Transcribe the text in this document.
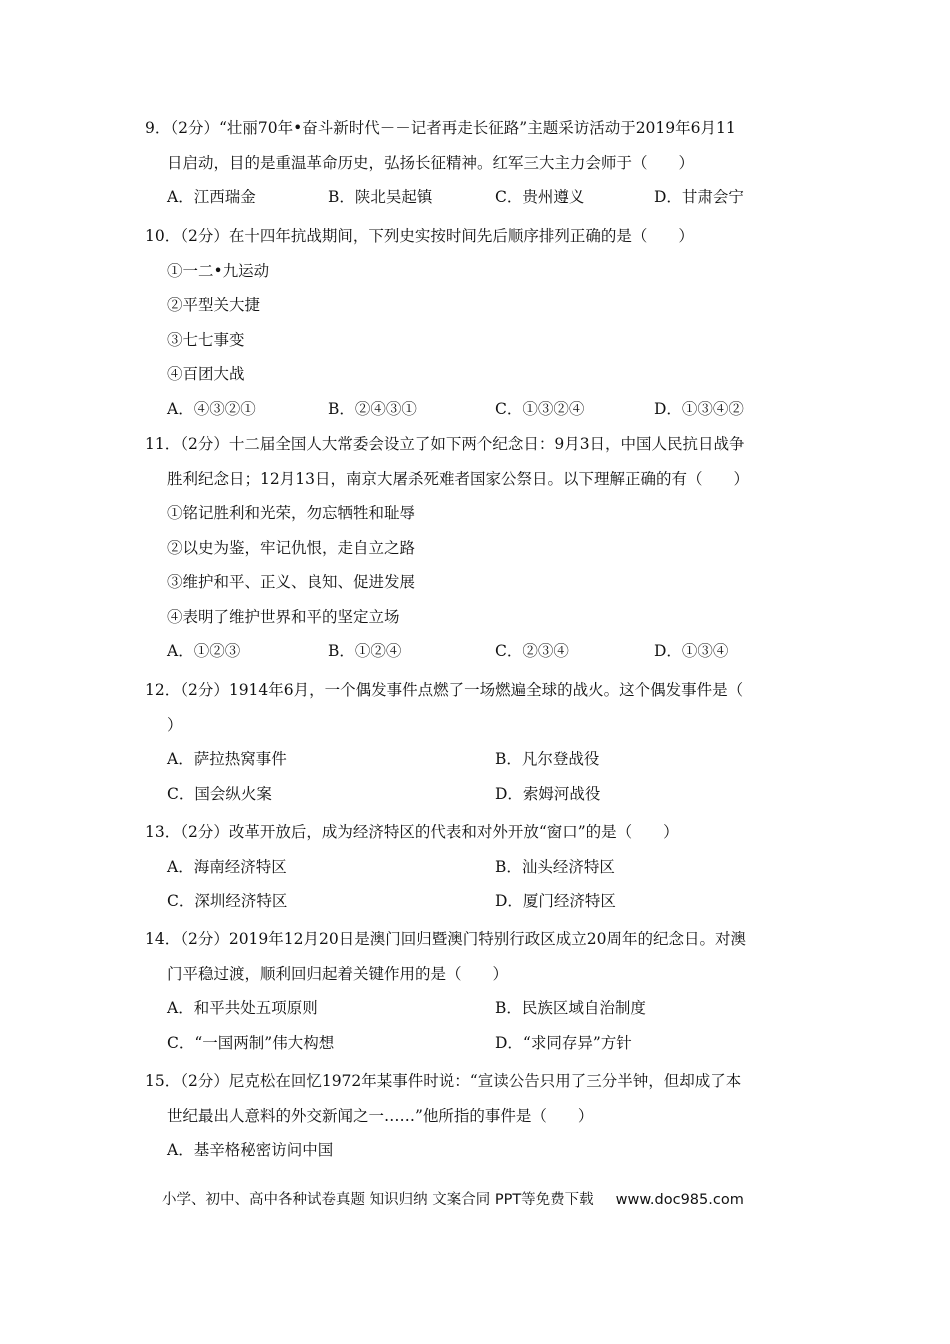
9．（2分）“壮丽70年•奋斗新时代－－记者再走长征路”主题采访活动于2019年6月11
日启动，目的是重温革命历史，弘扬长征精神。红军三大主力会师于（　　）
A．江西瑞金	B．陕北吴起镇	C．贵州遵义	D．甘肃会宁
10．（2分）在十四年抗战期间，下列史实按时间先后顺序排列正确的是（　　）
①一二•九运动
②平型关大捷
③七七事变
④百团大战
A．④③②①	B．②④③①	C．①③②④	D．①③④②
11．（2分）十二届全国人大常委会设立了如下两个纪念日：9月3日，中国人民抗日战争
胜利纪念日；12月13日，南京大屠杀死难者国家公祭日。以下理解正确的有（　　）
①铭记胜利和光荣，勿忘牺牲和耻辱
②以史为鉴，牢记仇恨，走自立之路
③维护和平、正义、良知、促进发展
④表明了维护世界和平的坚定立场
A．①②③	B．①②④	C．②③④	D．①③④
12．（2分）1914年6月，一个偶发事件点燃了一场燃遍全球的战火。这个偶发事件是（
）
A．萨拉热窝事件	B．凡尔登战役
C．国会纵火案	D．索姆河战役
13．（2分）改革开放后，成为经济特区的代表和对外开放“窗口”的是（　　）
A．海南经济特区	B．汕头经济特区
C．深圳经济特区	D．厦门经济特区
14．（2分）2019年12月20日是澳门回归暨澳门特别行政区成立20周年的纪念日。对澳
门平稳过渡，顺利回归起着关键作用的是（　　）
A．和平共处五项原则	B．民族区域自治制度
C．“一国两制”伟大构想	D．“求同存异”方针
15．（2分）尼克松在回忆1972年某事件时说：“宣读公告只用了三分半钟，但却成了本
世纪最出人意料的外交新闻之一……”他所指的事件是（　　）
A．基辛格秘密访问中国
小学、初中、高中各种试卷真题 知识归纳 文案合同 PPT等免费下载 www.doc985.com
